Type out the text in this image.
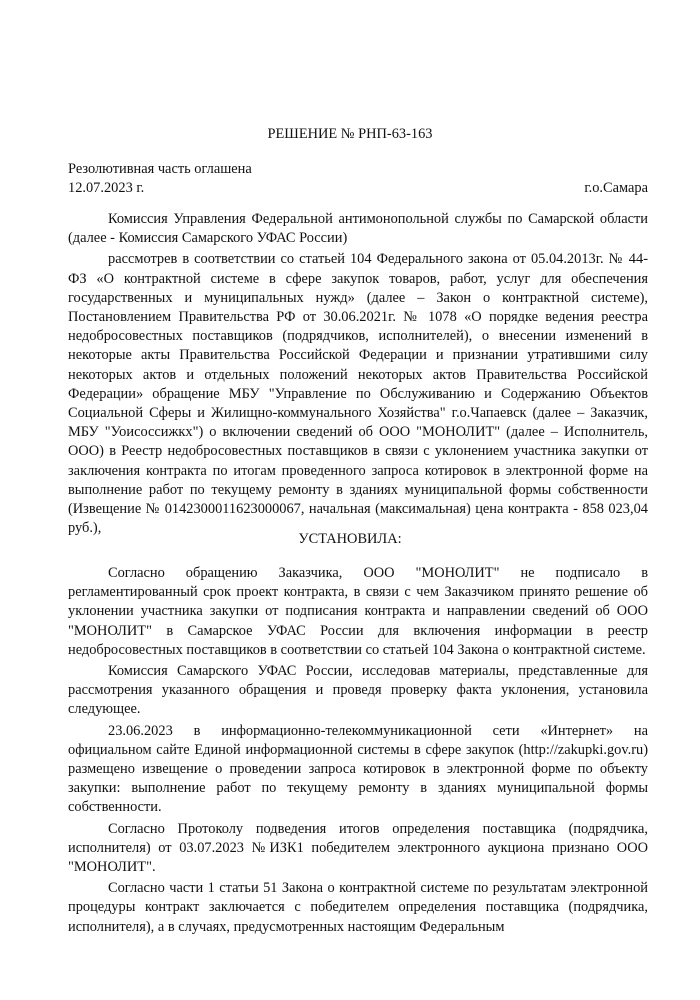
РЕШЕНИЕ № РНП-63-163
Резолютивная часть оглашена
12.07.2023 г.	г.о.Самара

Комиссия Управления Федеральной антимонопольной службы по Самарской области (далее - Комиссия Самарского УФАС России)

рассмотрев в соответствии со статьей 104 Федерального закона от 05.04.2013г. № 44-ФЗ «О контрактной системе в сфере закупок товаров, работ, услуг для обеспечения государственных и муниципальных нужд» (далее – Закон о контрактной системе), Постановлением Правительства РФ от 30.06.2021г. № 1078 «О порядке ведения реестра недобросовестных поставщиков (подрядчиков, исполнителей), о внесении изменений в некоторые акты Правительства Российской Федерации и признании утратившими силу некоторых актов и отдельных положений некоторых актов Правительства Российской Федерации» обращение МБУ "Управление по Обслуживанию и Содержанию Объектов Социальной Сферы и Жилищно-коммунального Хозяйства" г.о.Чапаевск (далее – Заказчик, МБУ "Уоисоссижкх") о включении сведений об ООО "МОНОЛИТ" (далее – Исполнитель, ООО) в Реестр недобросовестных поставщиков в связи с уклонением участника закупки от заключения контракта по итогам проведенного запроса котировок в электронной форме на выполнение работ по текущему ремонту в зданиях муниципальной формы собственности (Извещение № 0142300011623000067, начальная (максимальная) цена контракта - 858 023,04 руб.),

УСТАНОВИЛА:

Согласно обращению Заказчика, ООО "МОНОЛИТ" не подписало в регламентированный срок проект контракта, в связи с чем Заказчиком принято решение об уклонении участника закупки от подписания контракта и направлении сведений об ООО "МОНОЛИТ" в Самарское УФАС России для включения информации в реестр недобросовестных поставщиков в соответствии со статьей 104 Закона о контрактной системе.

Комиссия Самарского УФАС России, исследовав материалы, представленные для рассмотрения указанного обращения и проведя проверку факта уклонения, установила следующее.

23.06.2023 в информационно-телекоммуникационной сети «Интернет» на официальном сайте Единой информационной системы в сфере закупок (http://zakupki.gov.ru) размещено извещение о проведении запроса котировок в электронной форме по объекту закупки: выполнение работ по текущему ремонту в зданиях муниципальной формы собственности.

Согласно Протоколу подведения итогов определения поставщика (подрядчика, исполнителя) от 03.07.2023 №ИЗК1 победителем электронного аукциона признано ООО "МОНОЛИТ".

Согласно части 1 статьи 51 Закона о контрактной системе по результатам электронной процедуры контракт заключается с победителем определения поставщика (подрядчика, исполнителя), а в случаях, предусмотренных настоящим Федеральным
